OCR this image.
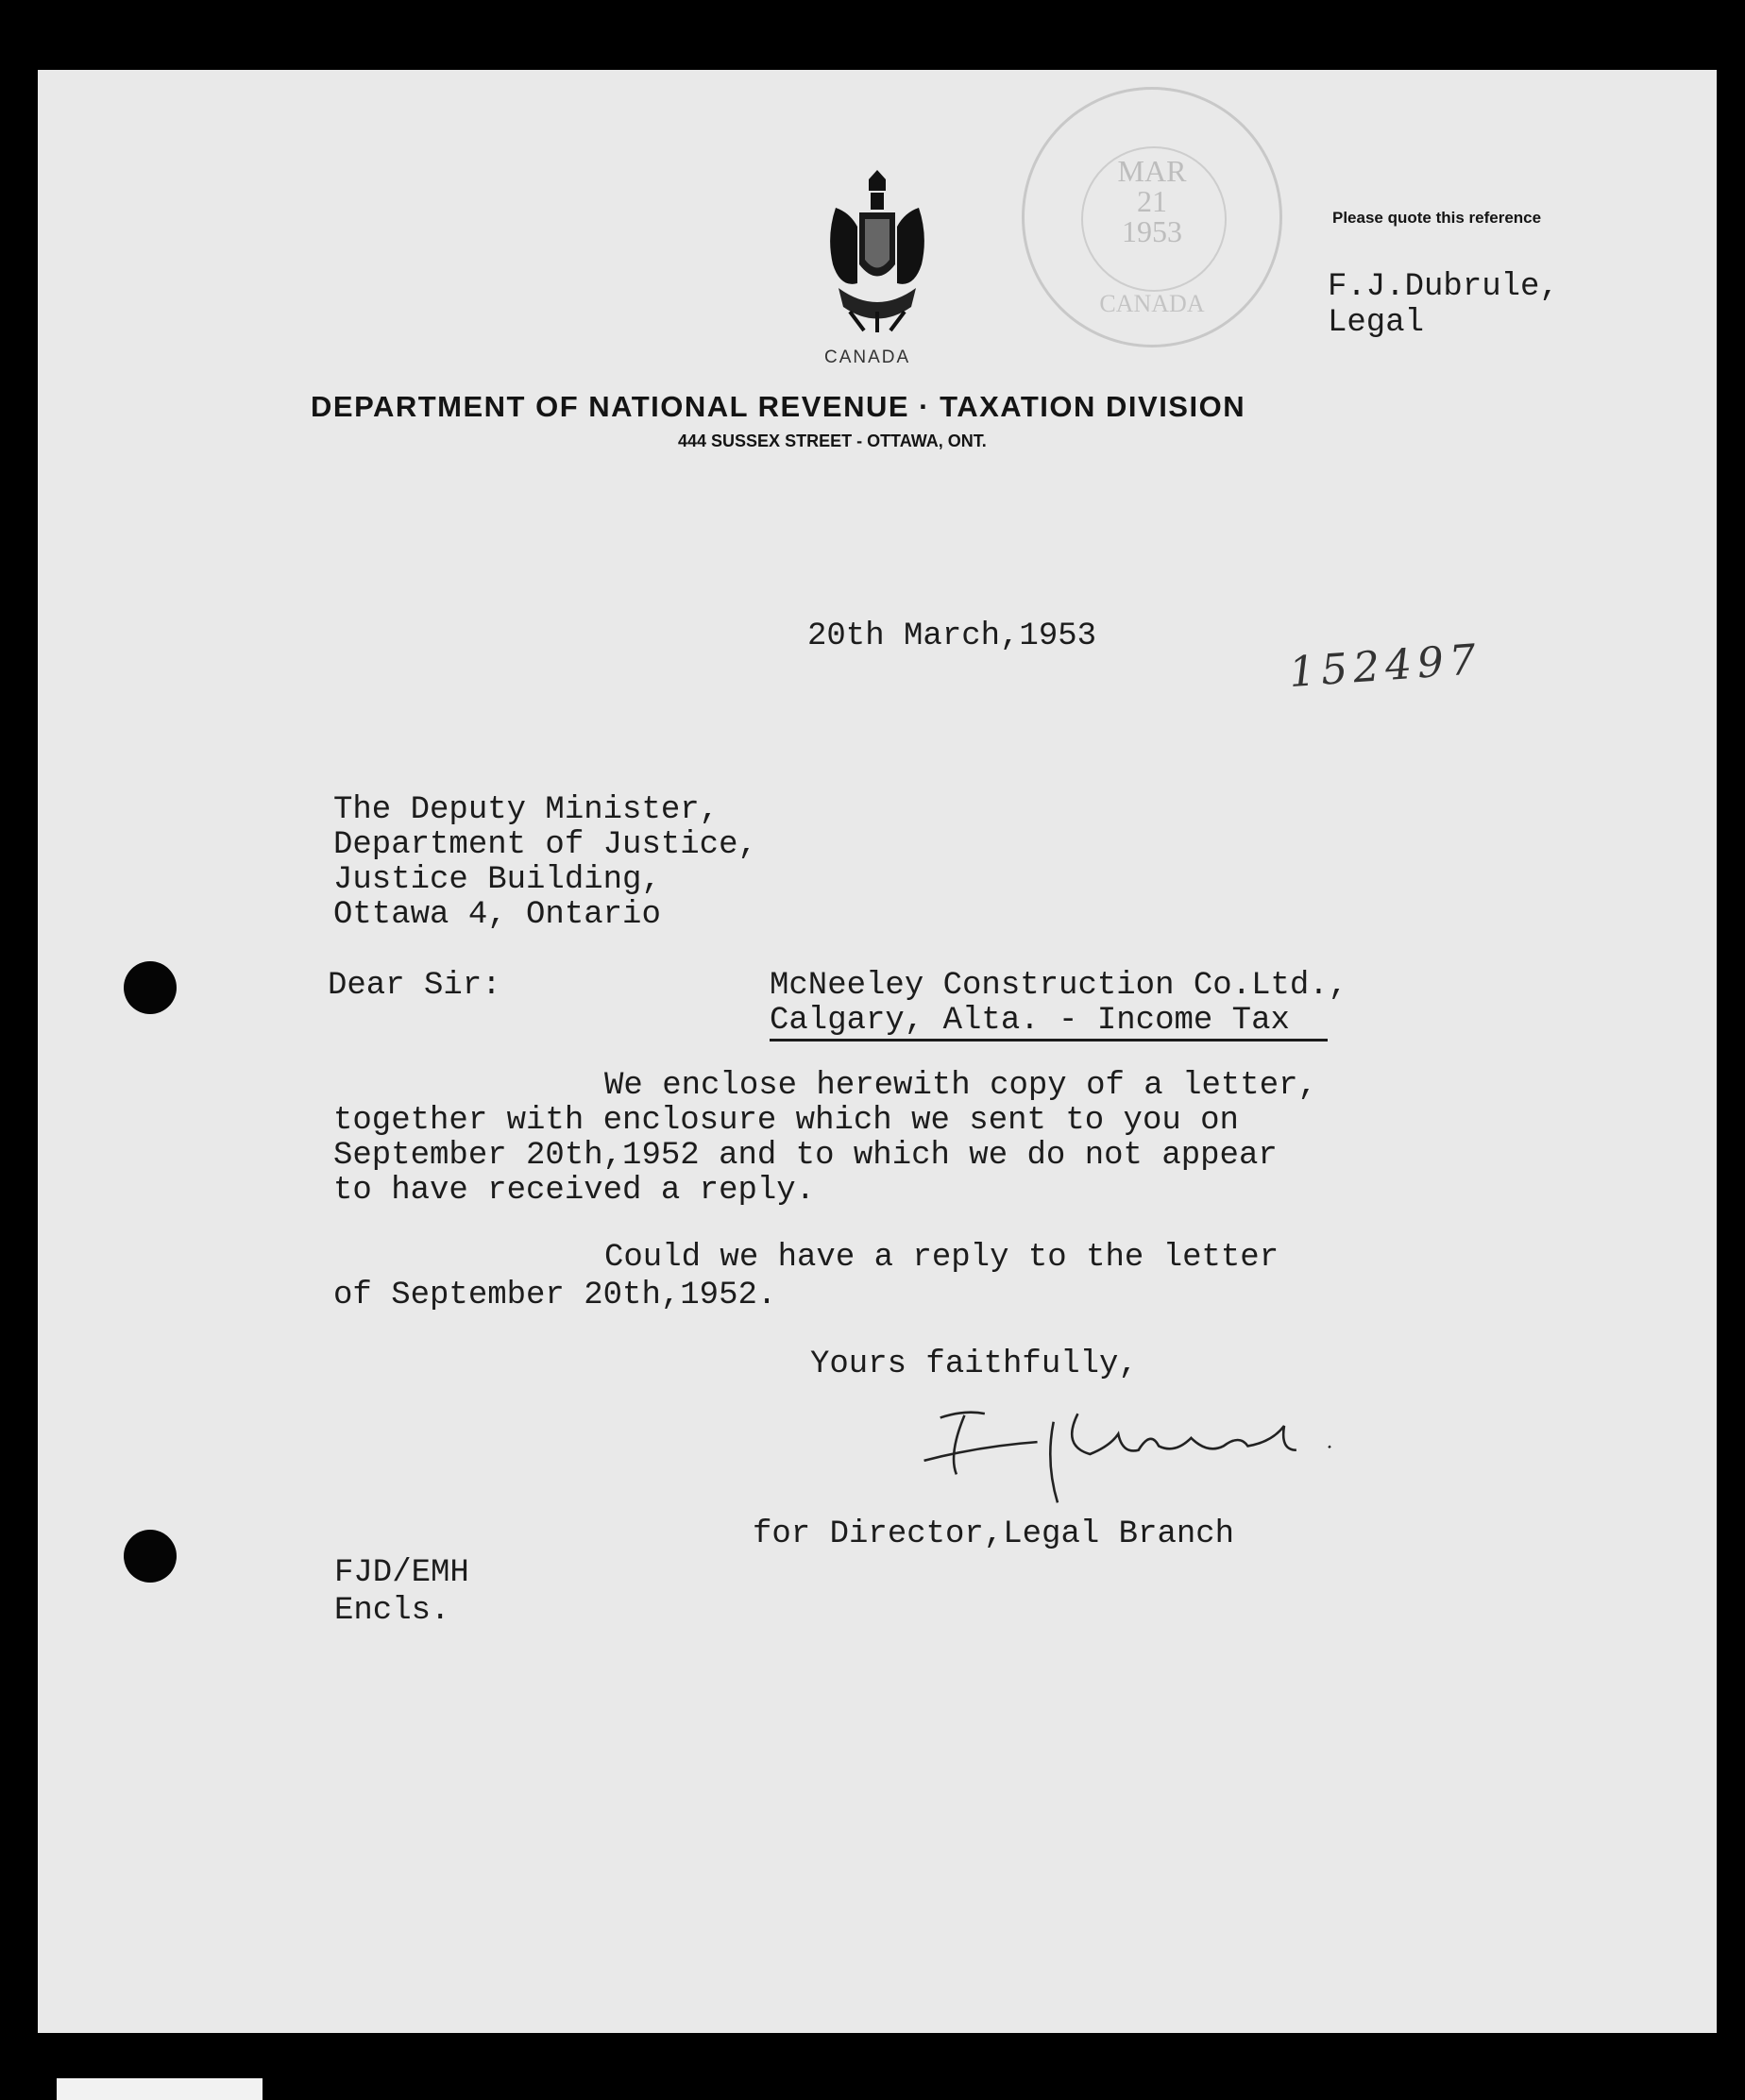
CANADA
MAR
21
1953
CANADA
DEPARTMENT OF NATIONAL REVENUE · TAXATION DIVISION
444 SUSSEX STREET - OTTAWA, ONT.
Please quote this reference
F.J.Dubrule,
Legal
20th March,1953	152497
The Deputy Minister,
Department of Justice,
Justice Building,
Ottawa 4, Ontario
Dear Sir:	McNeeley Construction Co.Ltd.,
Calgary, Alta. - Income Tax
We enclose herewith copy of a letter,
together with enclosure which we sent to you on
September 20th,1952 and to which we do not appear
to have received a reply.
Could we have a reply to the letter
of September 20th,1952.
Yours faithfully,
for Director,Legal Branch
FJD/EMH
Encls.
